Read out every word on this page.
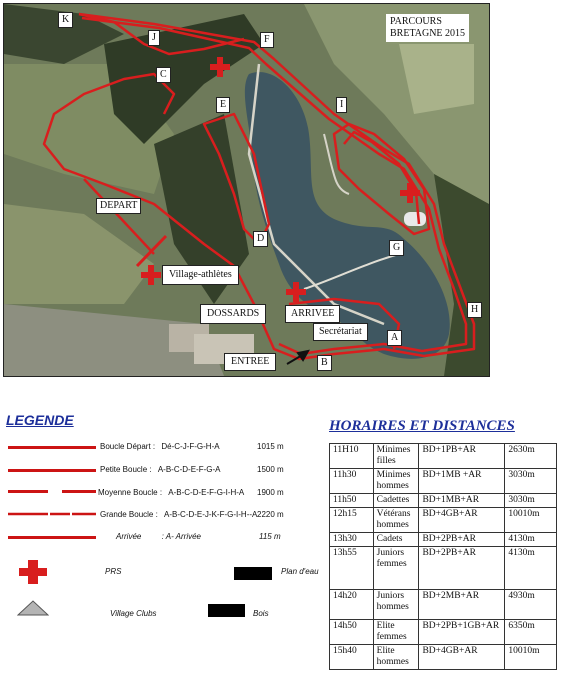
PARCOURS
BRETAGNE 2015
K
J	F
C
E	I
DEPART
D
G
Village-athlètes
DOSSARDS	ARRIVEE	H
Secrétariat
A
ENTREE	B
LEGENDE
Boucle Départ : Dé-C-J-F-G-H-A	1015 m
Petite Boucle : A-B-C-D-E-F-G-A	1500 m
Moyenne Boucle : A-B-C-D-E-F-G-I-H-A 1900 m
Grande Boucle : A-B-C-D-E-J-K-F-G-I-H--A 2220 m
Arrivée	: A- Arrivée	115 m
PRS	Plan d'eau
Village Clubs	Bois
HORAIRES ET DISTANCES
11H10	Minimes filles	BD+1PB+AR	2630m
11h30	Minimes hommes	BD+1MB +AR	3030m
11h50	Cadettes	BD+1MB+AR	3030m
12h15	Vétérans hommes	BD+4GB+AR	10010m
13h30	Cadets	BD+2PB+AR	4130m
13h55	Juniors femmes	BD+2PB+AR	4130m
14h20	Juniors hommes	BD+2MB+AR	4930m
14h50	Elite femmes	BD+2PB+1GB+AR	6350m
15h40	Elite hommes	BD+4GB+AR	10010m
